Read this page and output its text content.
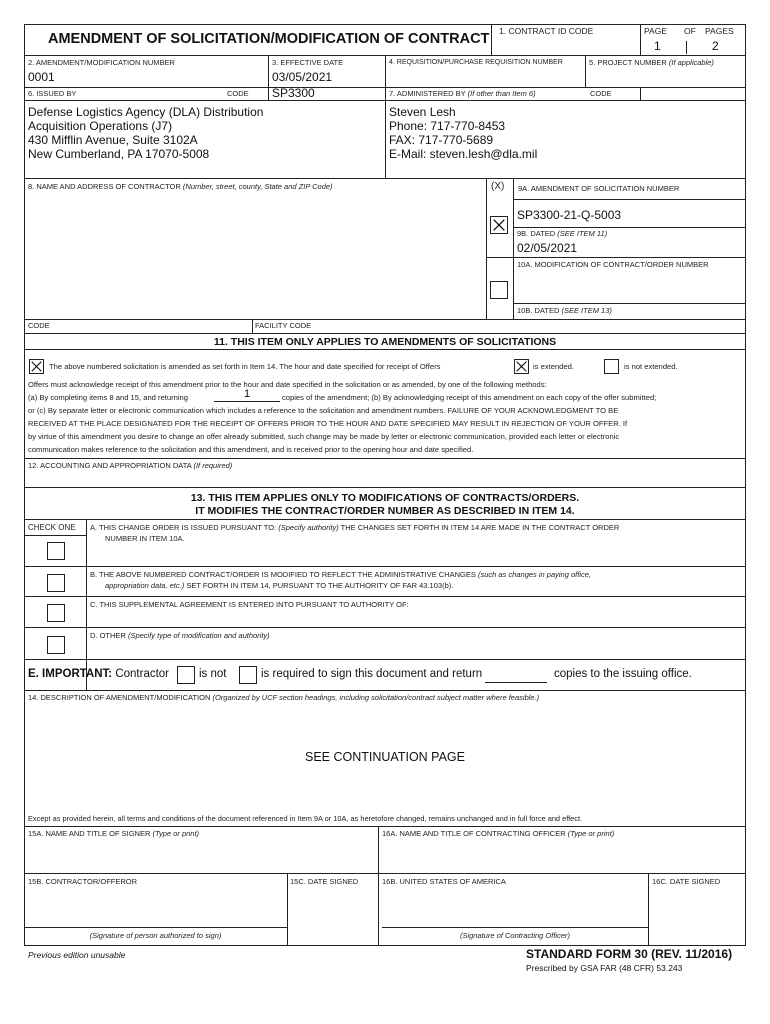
AMENDMENT OF SOLICITATION/MODIFICATION OF CONTRACT 1. CONTRACT ID CODE	PAGE OF PAGES
1	2
2. AMENDMENT/MODIFICATION NUMBER
0001
3. EFFECTIVE DATE
03/05/2021
4. REQUISITION/PURCHASE REQUISITION NUMBER	5. PROJECT NUMBER (If applicable)
6. ISSUED BY	CODE SP3300	7. ADMINISTERED BY (If other than Item 6)	CODE
Defense Logistics Agency (DLA) Distribution
Acquisition Operations (J7)
430 Mifflin Avenue, Suite 3102A
New Cumberland, PA 17070-5008
Steven Lesh
Phone: 717-770-8453
FAX: 717-770-5689
E-Mail: steven.lesh@dla.mil
8. NAME AND ADDRESS OF CONTRACTOR (Number, street, county, State and ZIP Code)	(X) 9A. AMENDMENT OF SOLICITATION NUMBER
SP3300-21-Q-5003
9B. DATED (SEE ITEM 11)
02/05/2021
10A. MODIFICATION OF CONTRACT/ORDER NUMBER
10B. DATED (SEE ITEM 13)
CODE	FACILITY CODE
11. THIS ITEM ONLY APPLIES TO AMENDMENTS OF SOLICITATIONS
The above numbered solicitation is amended as set forth in Item 14. The hour and date specified for receipt of Offers	is extended.	is not extended.
Offers must acknowledge receipt of this amendment prior to the hour and date specified in the solicitation or as amended, by one of the following methods:
(a) By completing items 8 and 15, and returning	1	copies of the amendment; (b) By acknowledging receipt of this amendment on each copy of the offer submitted;
or (c) By separate letter or electronic communication which includes a reference to the solicitation and amendment numbers. FAILURE OF YOUR ACKNOWLEDGMENT TO BE
RECEIVED AT THE PLACE DESIGNATED FOR THE RECEIPT OF OFFERS PRIOR TO THE HOUR AND DATE SPECIFIED MAY RESULT IN REJECTION OF YOUR OFFER. If
by virtue of this amendment you desire to change an offer already submitted, such change may be made by letter or electronic communication, provided each letter or electronic
communication makes reference to the solicitation and this amendment, and is received prior to the opening hour and date specified.
12. ACCOUNTING AND APPROPRIATION DATA (If required)
13. THIS ITEM APPLIES ONLY TO MODIFICATIONS OF CONTRACTS/ORDERS.
IT MODIFIES THE CONTRACT/ORDER NUMBER AS DESCRIBED IN ITEM 14.
CHECK ONE A. THIS CHANGE ORDER IS ISSUED PURSUANT TO: (Specify authority) THE CHANGES SET FORTH IN ITEM 14 ARE MADE IN THE CONTRACT ORDER
NUMBER IN ITEM 10A.
B. THE ABOVE NUMBERED CONTRACT/ORDER IS MODIFIED TO REFLECT THE ADMINISTRATIVE CHANGES (such as changes in paying office,
appropriation data, etc.) SET FORTH IN ITEM 14, PURSUANT TO THE AUTHORITY OF FAR 43.103(b).
C. THIS SUPPLEMENTAL AGREEMENT IS ENTERED INTO PURSUANT TO AUTHORITY OF:
D. OTHER (Specify type of modification and authority)
E. IMPORTANT: Contractor	is not	is required to sign this document and return	copies to the issuing office.
14. DESCRIPTION OF AMENDMENT/MODIFICATION (Organized by UCF section headings, including solicitation/contract subject matter where feasible.)
SEE CONTINUATION PAGE
Except as provided herein, all terms and conditions of the document referenced in Item 9A or 10A, as heretofore changed, remains unchanged and in full force and effect.
15A. NAME AND TITLE OF SIGNER (Type or print)	16A. NAME AND TITLE OF CONTRACTING OFFICER (Type or print)
15B. CONTRACTOR/OFFEROR	15C. DATE SIGNED	16B. UNITED STATES OF AMERICA	16C. DATE SIGNED
(Signature of person authorized to sign)	(Signature of Contracting Officer)
Previous edition unusable	STANDARD FORM 30 (REV. 11/2016)
Prescribed by GSA FAR (48 CFR) 53.243
